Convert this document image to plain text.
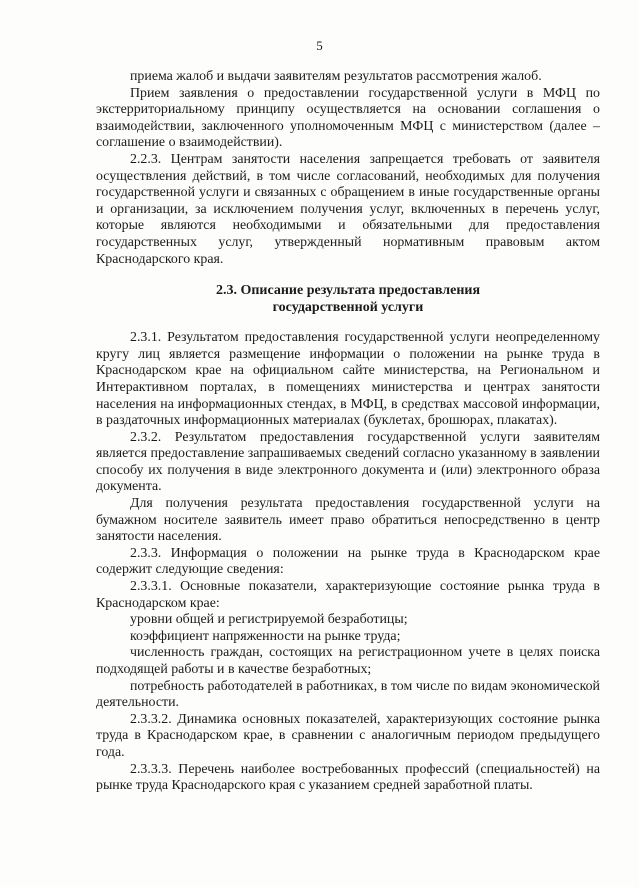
5

приема жалоб и выдачи заявителям результатов рассмотрения жалоб.

Прием заявления о предоставлении государственной услуги в МФЦ по экстерриториальному принципу осуществляется на основании соглашения о взаимодействии, заключенного уполномоченным МФЦ с министерством (далее – соглашение о взаимодействии).

2.2.3. Центрам занятости населения запрещается требовать от заявителя осуществления действий, в том числе согласований, необходимых для получения государственной услуги и связанных с обращением в иные государственные органы и организации, за исключением получения услуг, включенных в перечень услуг, которые являются необходимыми и обязательными для предоставления государственных услуг, утвержденный нормативным правовым актом Краснодарского края.

2.3. Описание результата предоставления
государственной услуги

2.3.1. Результатом предоставления государственной услуги неопределенному кругу лиц является размещение информации о положении на рынке труда в Краснодарском крае на официальном сайте министерства, на Региональном и Интерактивном порталах, в помещениях министерства и центрах занятости населения на информационных стендах, в МФЦ, в средствах массовой информации, в раздаточных информационных материалах (буклетах, брошюрах, плакатах).

2.3.2. Результатом предоставления государственной услуги заявителям является предоставление запрашиваемых сведений согласно указанному в заявлении способу их получения в виде электронного документа и (или) электронного образа документа.

Для получения результата предоставления государственной услуги на бумажном носителе заявитель имеет право обратиться непосредственно в центр занятости населения.

2.3.3. Информация о положении на рынке труда в Краснодарском крае содержит следующие сведения:

2.3.3.1. Основные показатели, характеризующие состояние рынка труда в Краснодарском крае:

уровни общей и регистрируемой безработицы;

коэффициент напряженности на рынке труда;

численность граждан, состоящих на регистрационном учете в целях поиска подходящей работы и в качестве безработных;

потребность работодателей в работниках, в том числе по видам экономической деятельности.

2.3.3.2. Динамика основных показателей, характеризующих состояние рынка труда в Краснодарском крае, в сравнении с аналогичным периодом предыдущего года.

2.3.3.3. Перечень наиболее востребованных профессий (специальностей) на рынке труда Краснодарского края с указанием средней заработной платы.
